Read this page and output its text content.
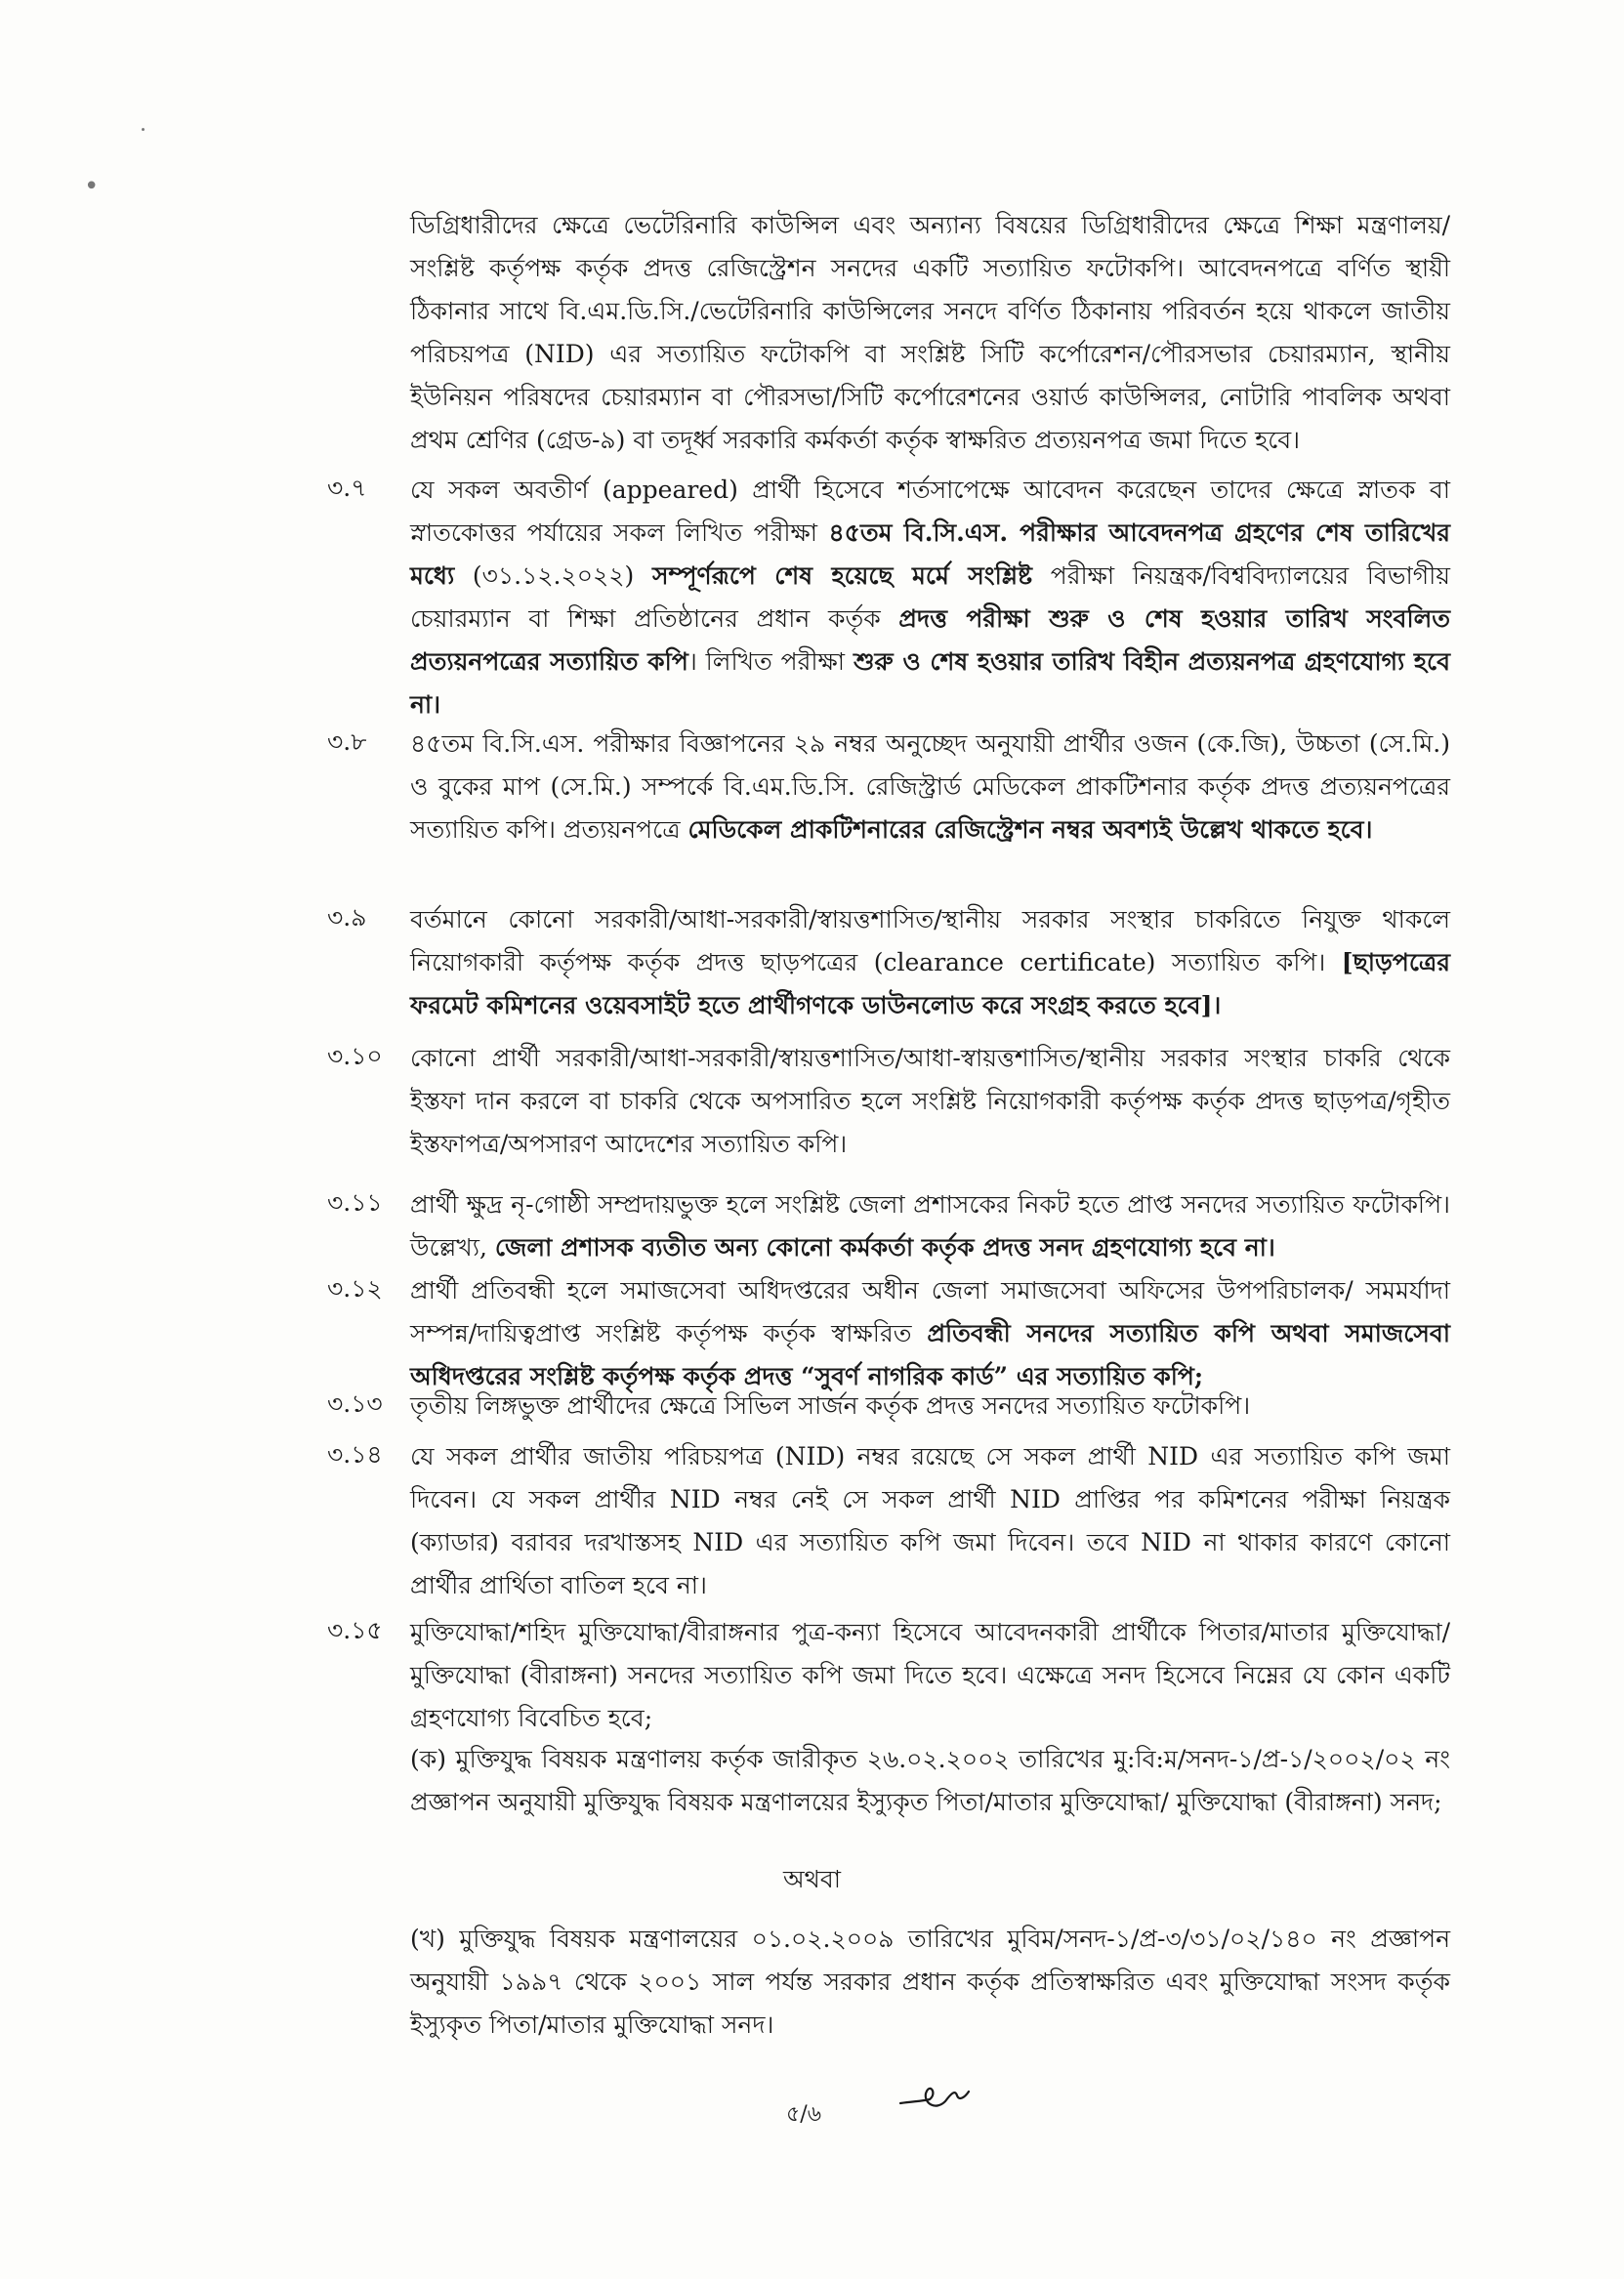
˙
•

ডিগ্রিধারীদের ক্ষেত্রে ভেটেরিনারি কাউন্সিল এবং অন্যান্য বিষয়ের ডিগ্রিধারীদের ক্ষেত্রে শিক্ষা মন্ত্রণালয়/সংশ্লিষ্ট কর্তৃপক্ষ কর্তৃক প্রদত্ত রেজিস্ট্রেশন সনদের একটি সত্যায়িত ফটোকপি। আবেদনপত্রে বর্ণিত স্থায়ী ঠিকানার সাথে বি.এম.ডি.সি./ভেটেরিনারি কাউন্সিলের সনদে বর্ণিত ঠিকানায় পরিবর্তন হয়ে থাকলে জাতীয় পরিচয়পত্র (NID) এর সত্যায়িত ফটোকপি বা সংশ্লিষ্ট সিটি কর্পোরেশন/পৌরসভার চেয়ারম্যান, স্থানীয় ইউনিয়ন পরিষদের চেয়ারম্যান বা পৌরসভা/সিটি কর্পোরেশনের ওয়ার্ড কাউন্সিলর, নোটারি পাবলিক অথবা প্রথম শ্রেণির (গ্রেড-৯) বা তদূর্ধ্ব সরকারি কর্মকর্তা কর্তৃক স্বাক্ষরিত প্রত্যয়নপত্র জমা দিতে হবে।

৩.৭	যে সকল অবতীর্ণ (appeared) প্রার্থী হিসেবে শর্তসাপেক্ষে আবেদন করেছেন তাদের ক্ষেত্রে স্নাতক বা স্নাতকোত্তর পর্যায়ের সকল লিখিত পরীক্ষা ৪৫তম বি.সি.এস. পরীক্ষার আবেদনপত্র গ্রহণের শেষ তারিখের মধ্যে (৩১.১২.২০২২) সম্পূর্ণরূপে শেষ হয়েছে মর্মে সংশ্লিষ্ট পরীক্ষা নিয়ন্ত্রক/বিশ্ববিদ্যালয়ের বিভাগীয় চেয়ারম্যান বা শিক্ষা প্রতিষ্ঠানের প্রধান কর্তৃক প্রদত্ত পরীক্ষা শুরু ও শেষ হওয়ার তারিখ সংবলিত প্রত্যয়নপত্রের সত্যায়িত কপি। লিখিত পরীক্ষা শুরু ও শেষ হওয়ার তারিখ বিহীন প্রত্যয়নপত্র গ্রহণযোগ্য হবে না।

৩.৮	৪৫তম বি.সি.এস. পরীক্ষার বিজ্ঞাপনের ২৯ নম্বর অনুচ্ছেদ অনুযায়ী প্রার্থীর ওজন (কে.জি), উচ্চতা (সে.মি.) ও বুকের মাপ (সে.মি.) সম্পর্কে বি.এম.ডি.সি. রেজিস্ট্রার্ড মেডিকেল প্রাকটিশনার কর্তৃক প্রদত্ত প্রত্যয়নপত্রের সত্যায়িত কপি। প্রত্যয়নপত্রে মেডিকেল প্রাকটিশনারের রেজিস্ট্রেশন নম্বর অবশ্যই উল্লেখ থাকতে হবে।

৩.৯	বর্তমানে কোনো সরকারী/আধা-সরকারী/স্বায়ত্তশাসিত/স্থানীয় সরকার সংস্থার চাকরিতে নিযুক্ত থাকলে নিয়োগকারী কর্তৃপক্ষ কর্তৃক প্রদত্ত ছাড়পত্রের (clearance certificate) সত্যায়িত কপি। [ছাড়পত্রের ফরমেট কমিশনের ওয়েবসাইট হতে প্রার্থীগণকে ডাউনলোড করে সংগ্রহ করতে হবে]।

৩.১০	কোনো প্রার্থী সরকারী/আধা-সরকারী/স্বায়ত্তশাসিত/আধা-স্বায়ত্তশাসিত/স্থানীয় সরকার সংস্থার চাকরি থেকে ইস্তফা দান করলে বা চাকরি থেকে অপসারিত হলে সংশ্লিষ্ট নিয়োগকারী কর্তৃপক্ষ কর্তৃক প্রদত্ত ছাড়পত্র/গৃহীত ইস্তফাপত্র/অপসারণ আদেশের সত্যায়িত কপি।

৩.১১	প্রার্থী ক্ষুদ্র নৃ-গোষ্ঠী সম্প্রদায়ভুক্ত হলে সংশ্লিষ্ট জেলা প্রশাসকের নিকট হতে প্রাপ্ত সনদের সত্যায়িত ফটোকপি। উল্লেখ্য, জেলা প্রশাসক ব্যতীত অন্য কোনো কর্মকর্তা কর্তৃক প্রদত্ত সনদ গ্রহণযোগ্য হবে না।

৩.১২	প্রার্থী প্রতিবন্ধী হলে সমাজসেবা অধিদপ্তরের অধীন জেলা সমাজসেবা অফিসের উপপরিচালক/ সমমর্যাদা সম্পন্ন/দায়িত্বপ্রাপ্ত সংশ্লিষ্ট কর্তৃপক্ষ কর্তৃক স্বাক্ষরিত প্রতিবন্ধী সনদের সত্যায়িত কপি অথবা সমাজসেবা অধিদপ্তরের সংশ্লিষ্ট কর্তৃপক্ষ কর্তৃক প্রদত্ত “সুবর্ণ নাগরিক কার্ড” এর সত্যায়িত কপি;

৩.১৩	তৃতীয় লিঙ্গভুক্ত প্রার্থীদের ক্ষেত্রে সিভিল সার্জন কর্তৃক প্রদত্ত সনদের সত্যায়িত ফটোকপি।

৩.১৪	যে সকল প্রার্থীর জাতীয় পরিচয়পত্র (NID) নম্বর রয়েছে সে সকল প্রার্থী NID এর সত্যায়িত কপি জমা দিবেন। যে সকল প্রার্থীর NID নম্বর নেই সে সকল প্রার্থী NID প্রাপ্তির পর কমিশনের পরীক্ষা নিয়ন্ত্রক (ক্যাডার) বরাবর দরখাস্তসহ NID এর সত্যায়িত কপি জমা দিবেন। তবে NID না থাকার কারণে কোনো প্রার্থীর প্রার্থিতা বাতিল হবে না।

৩.১৫	মুক্তিযোদ্ধা/শহিদ মুক্তিযোদ্ধা/বীরাঙ্গনার পুত্র-কন্যা হিসেবে আবেদনকারী প্রার্থীকে পিতার/মাতার মুক্তিযোদ্ধা/মুক্তিযোদ্ধা (বীরাঙ্গনা) সনদের সত্যায়িত কপি জমা দিতে হবে। এক্ষেত্রে সনদ হিসেবে নিম্নের যে কোন একটি গ্রহণযোগ্য বিবেচিত হবে;

(ক) মুক্তিযুদ্ধ বিষয়ক মন্ত্রণালয় কর্তৃক জারীকৃত ২৬.০২.২০০২ তারিখের মু:বি:ম/সনদ-১/প্র-১/২০০২/০২ নং প্রজ্ঞাপন অনুযায়ী মুক্তিযুদ্ধ বিষয়ক মন্ত্রণালয়ের ইস্যুকৃত পিতা/মাতার মুক্তিযোদ্ধা/ মুক্তিযোদ্ধা (বীরাঙ্গনা) সনদ;

অথবা

(খ) মুক্তিযুদ্ধ বিষয়ক মন্ত্রণালয়ের ০১.০২.২০০৯ তারিখের মুবিম/সনদ-১/প্র-৩/৩১/০২/১৪০ নং প্রজ্ঞাপন অনুযায়ী ১৯৯৭ থেকে ২০০১ সাল পর্যন্ত সরকার প্রধান কর্তৃক প্রতিস্বাক্ষরিত এবং মুক্তিযোদ্ধা সংসদ কর্তৃক ইস্যুকৃত পিতা/মাতার মুক্তিযোদ্ধা সনদ।

৫/৬
